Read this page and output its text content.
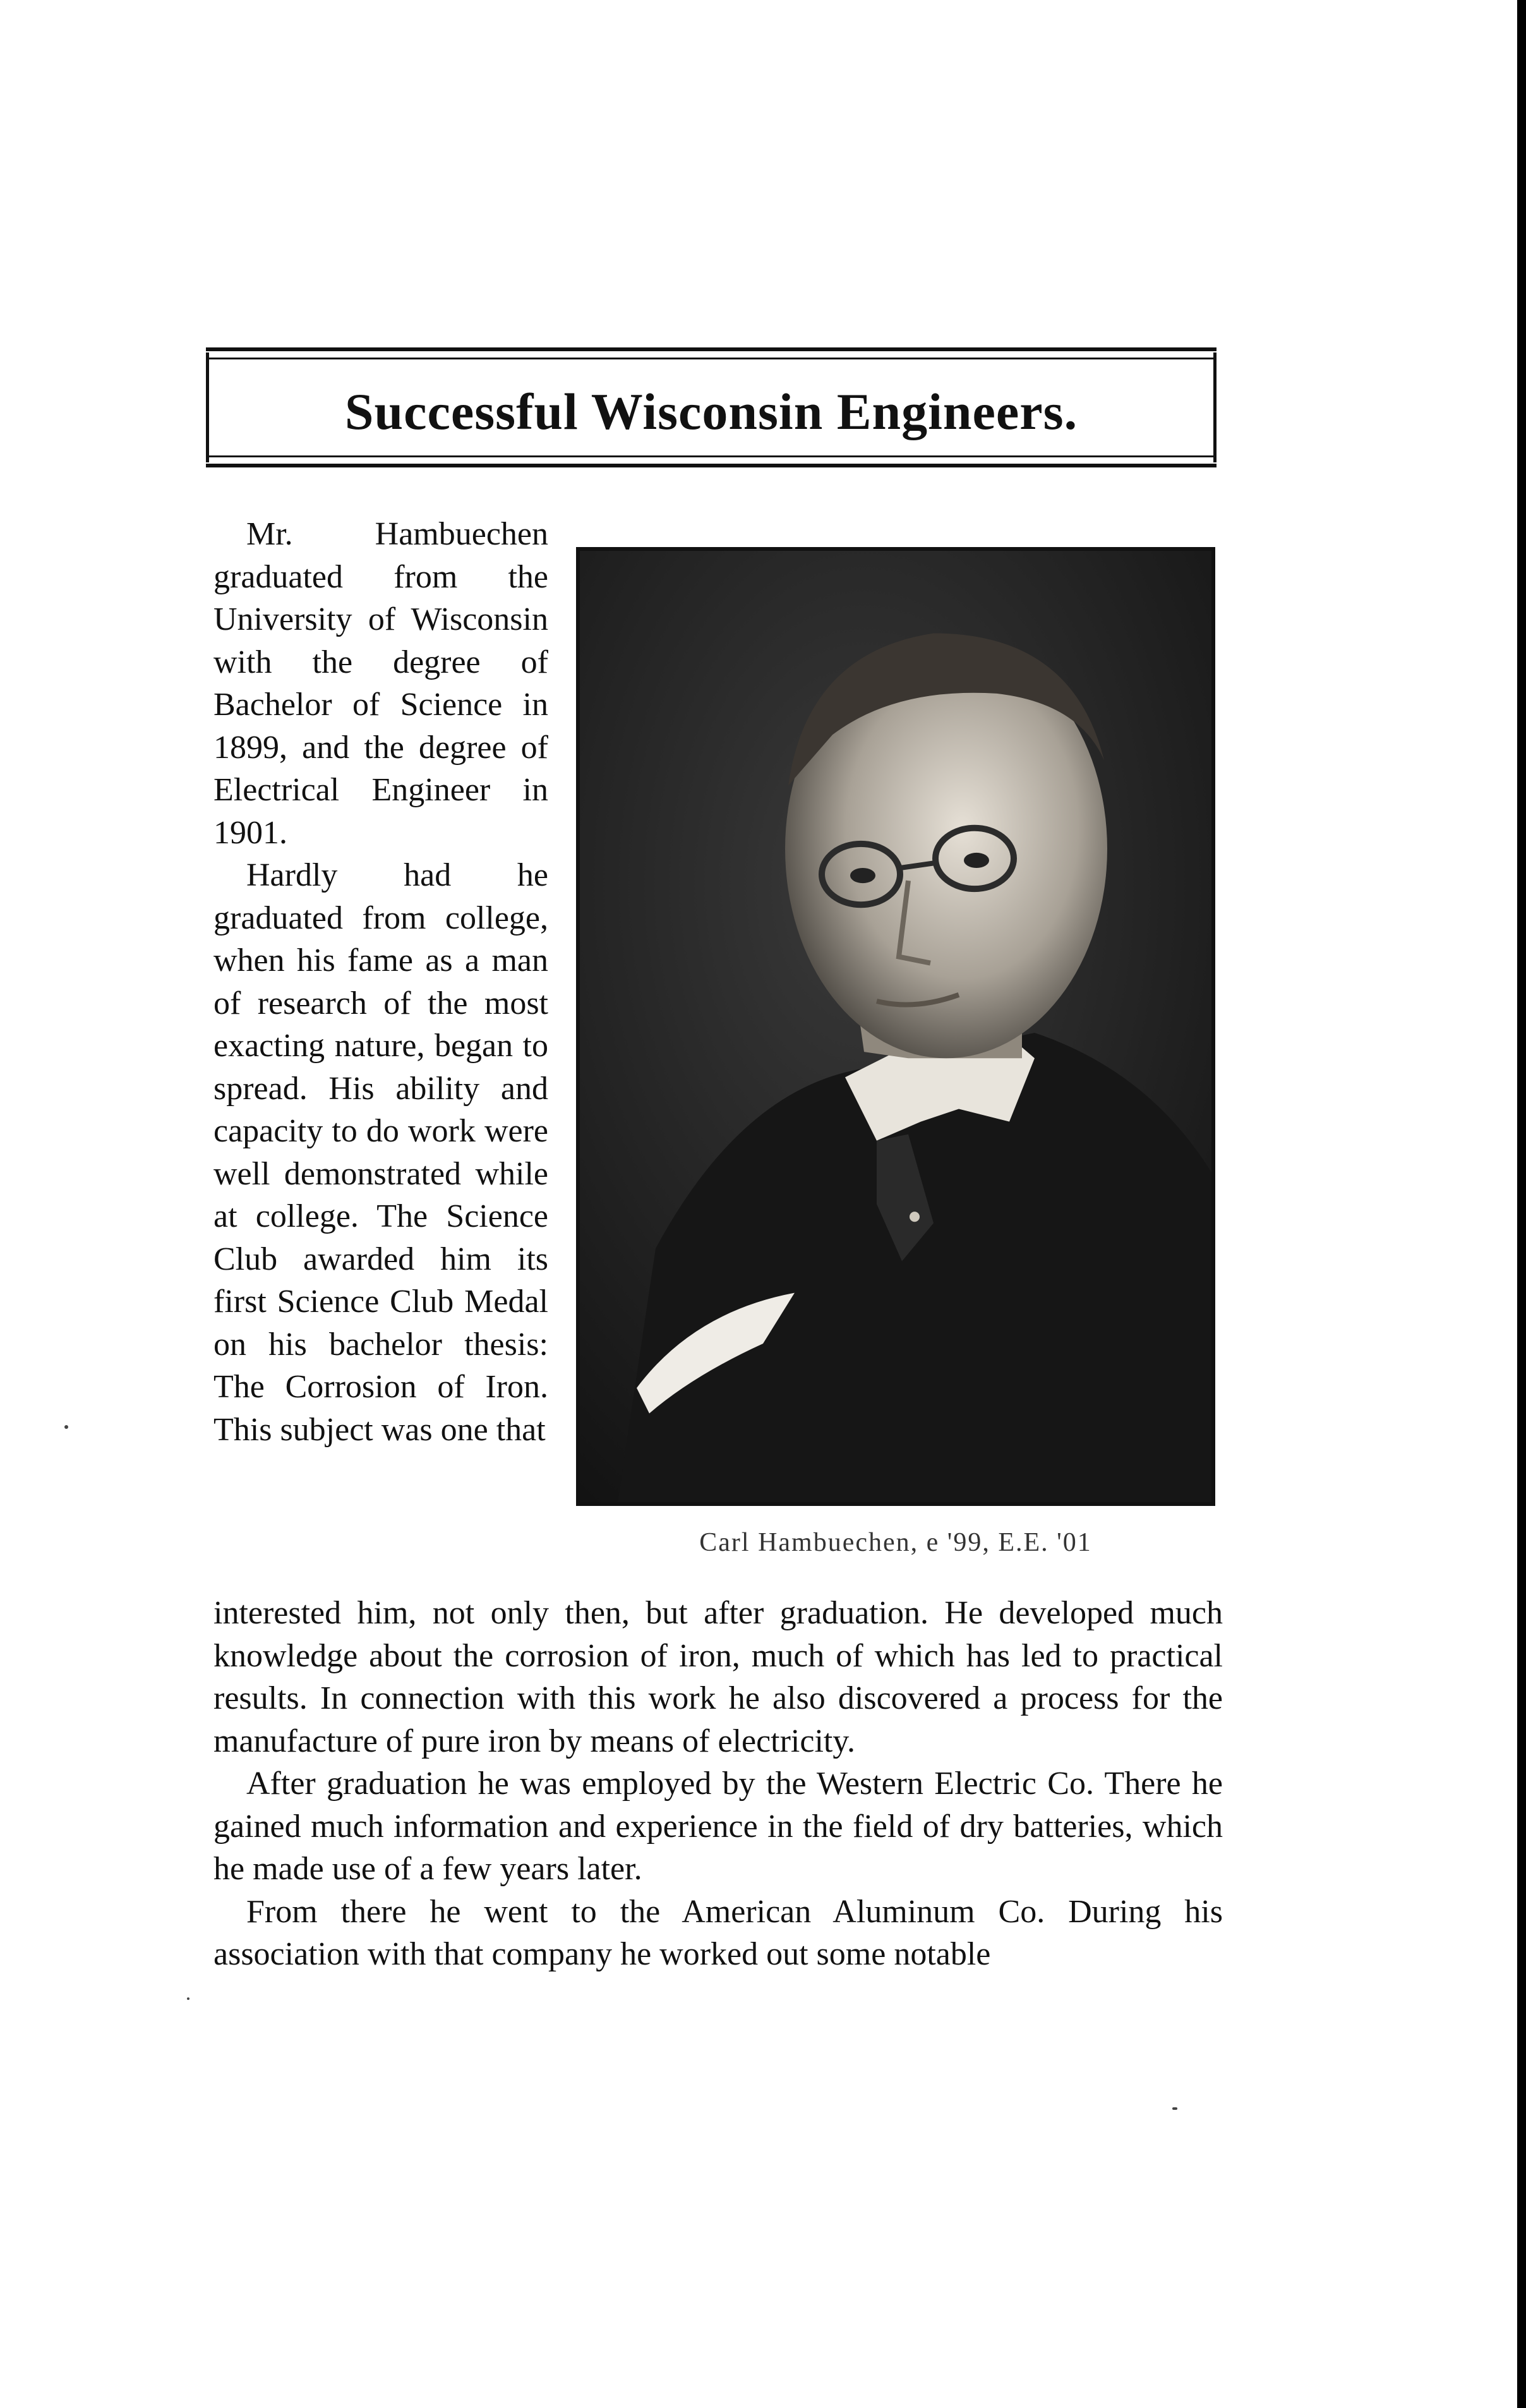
Successful Wisconsin Engineers.

Mr. Hambuechen graduated from the University of Wisconsin with the degree of Bachelor of Science in 1899, and the degree of Electrical Engineer in 1901.

Hardly had he graduated from college, when his fame as a man of research of the most exacting nature, began to spread. His ability and capacity to do work were well demonstrated while at college. The Science Club awarded him its first Science Club Medal on his bachelor thesis: The Corrosion of Iron. This subject was one that

Carl Hambuechen, e '99, E.E. '01

interested him, not only then, but after graduation. He developed much knowledge about the corrosion of iron, much of which has led to practical results. In connection with this work he also discovered a process for the manufacture of pure iron by means of electricity.

After graduation he was employed by the Western Electric Co. There he gained much information and experience in the field of dry batteries, which he made use of a few years later.

From there he went to the American Aluminum Co. During his association with that company he worked out some notable
